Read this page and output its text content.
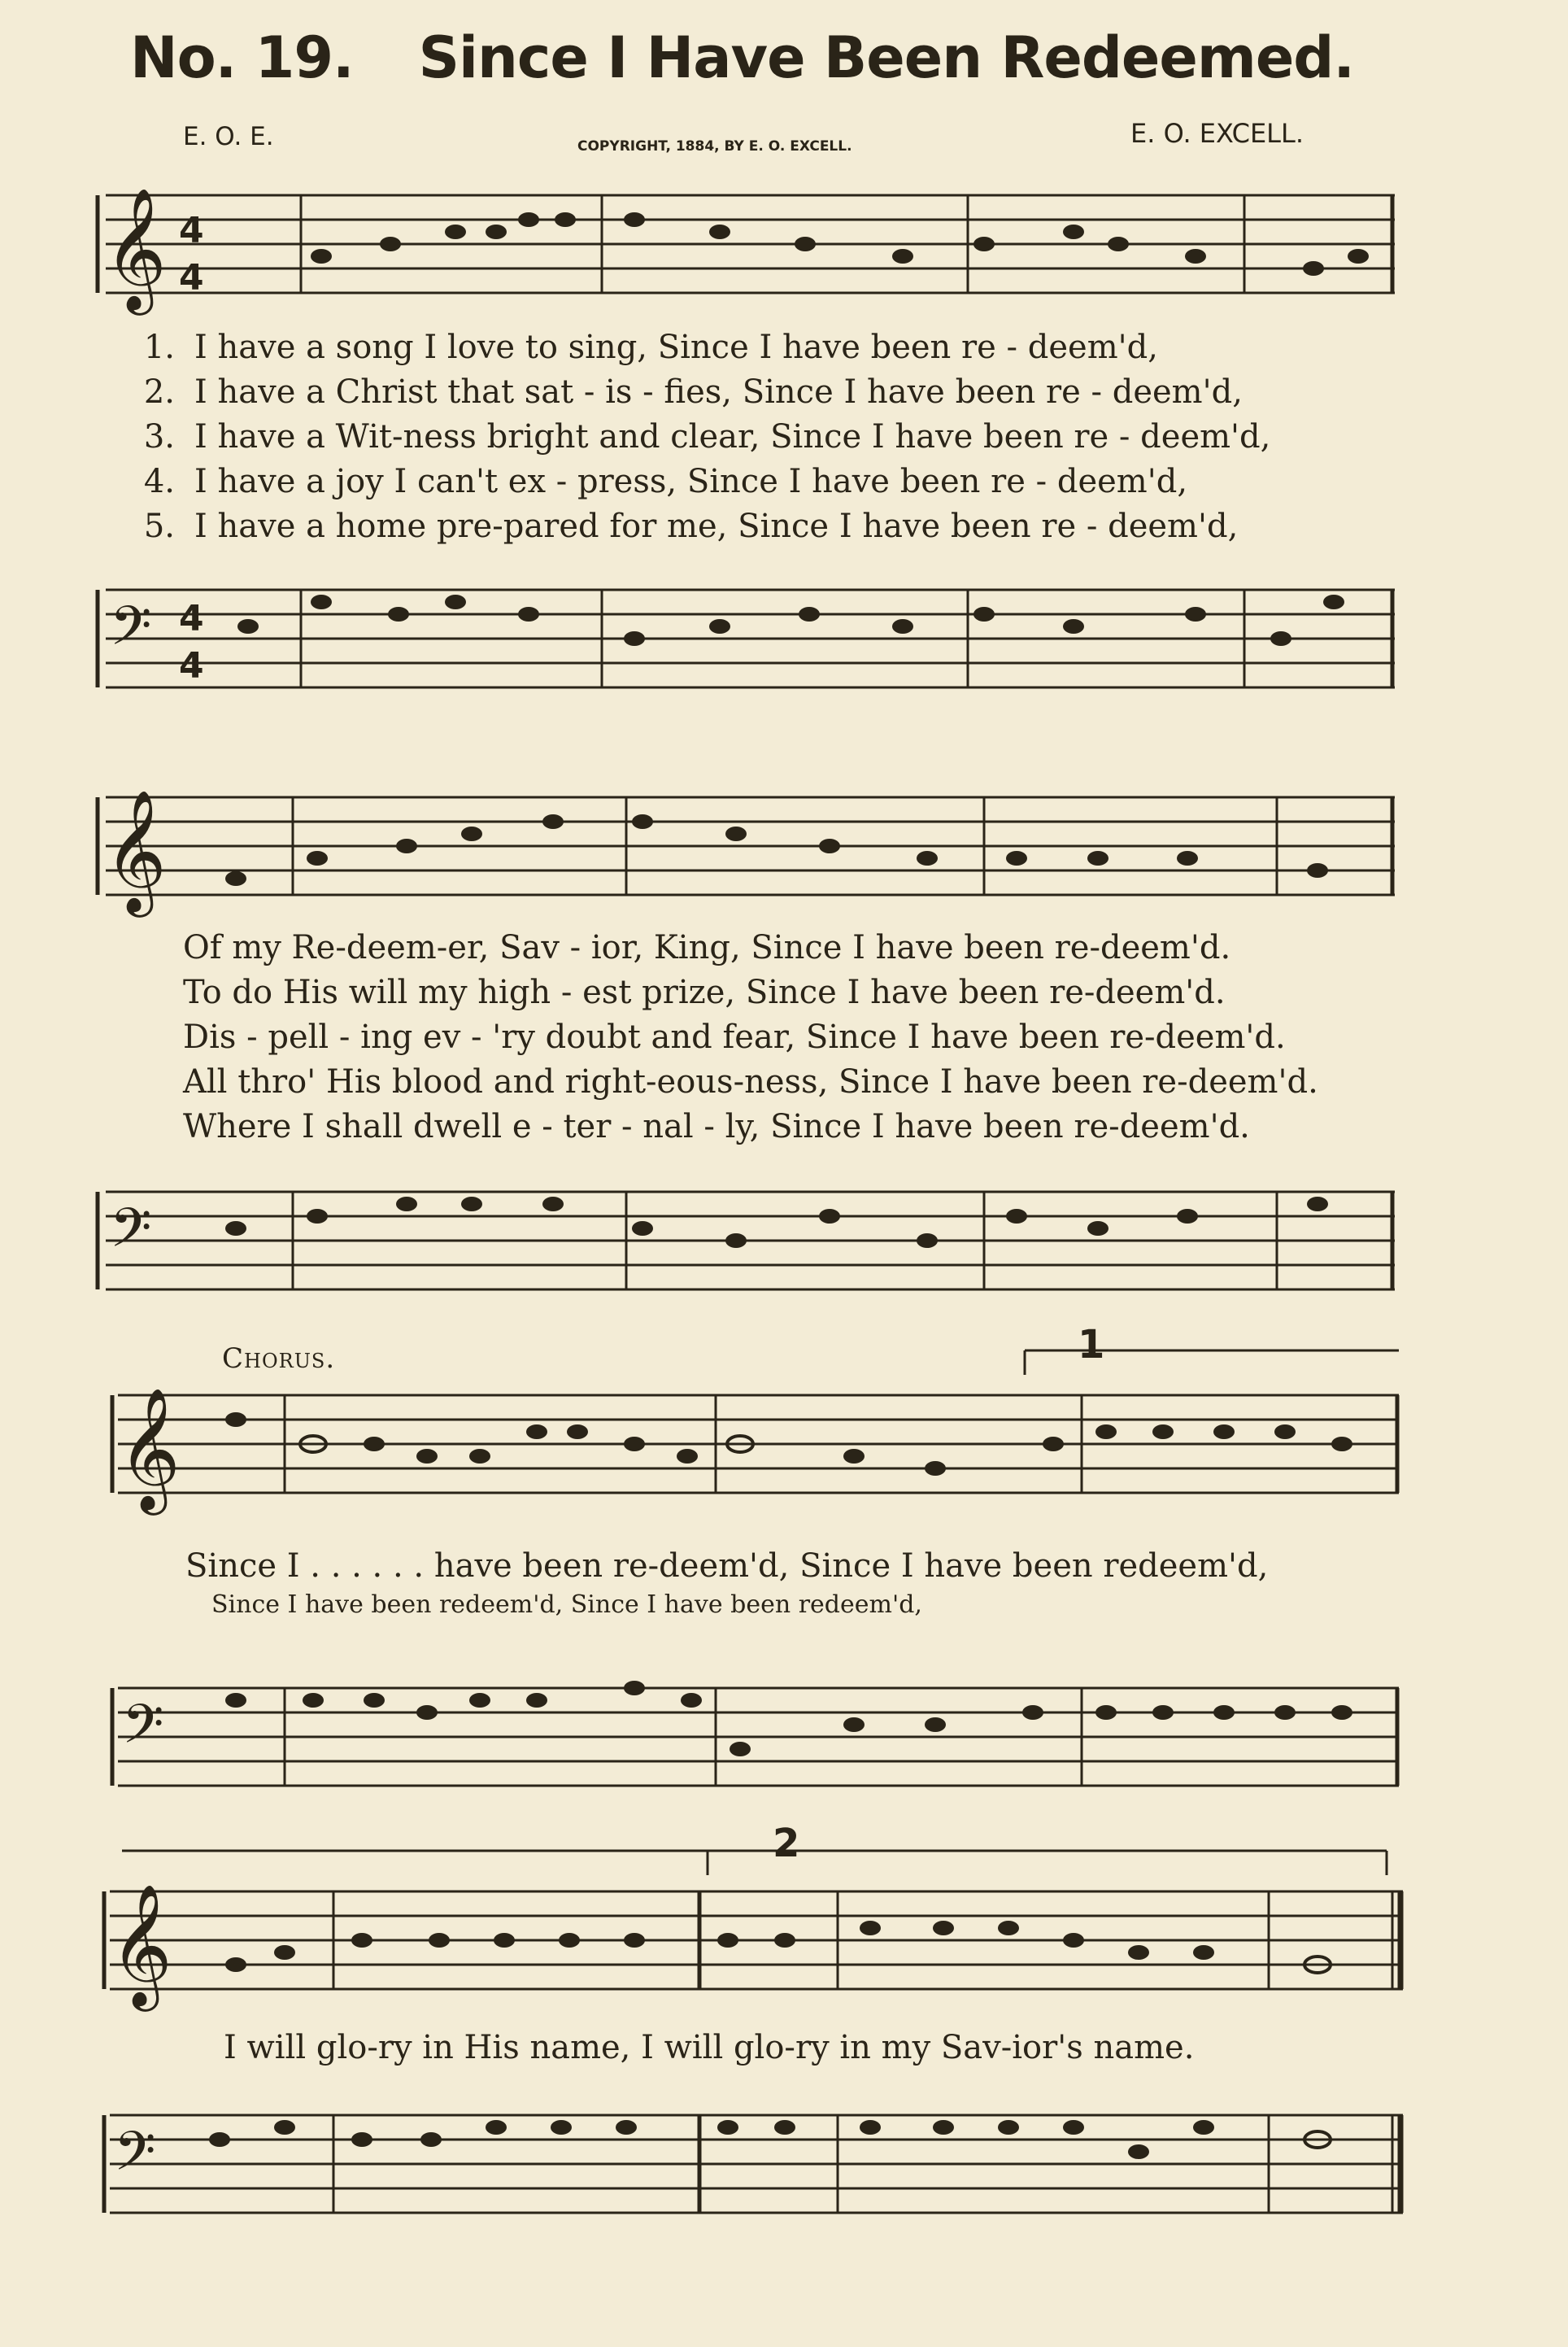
No. 19. Since I Have Been Redeemed.
E. O. E.	COPYRIGHT, 1884, BY E. O. EXCELL.	E. O. EXCELL.
𝄞 4
4
1. I have a song I love to sing, Since I have been re - deem'd,
2. I have a Christ that sat - is - fies, Since I have been re - deem'd,
3. I have a Wit-ness bright and clear, Since I have been re - deem'd,
4. I have a joy I can't ex - press, Since I have been re - deem'd,
5. I have a home pre-pared for me, Since I have been re - deem'd,
𝄢 4
4
𝄞
Of my Re-deem-er, Sav - ior, King, Since I have been re-deem'd.
To do His will my high - est prize, Since I have been re-deem'd.
Dis - pell - ing ev - 'ry doubt and fear, Since I have been re-deem'd.
All thro' His blood and right-eous-ness, Since I have been re-deem'd.
Where I shall dwell e - ter - nal - ly, Since I have been re-deem'd.
𝄢
Chorus.	1
𝄞
Since I . . . . . . have been re-deem'd, Since I have been redeem'd,
Since I have been redeem'd, Since I have been redeem'd,
𝄢
2
𝄞
I will glo-ry in His name, I will glo-ry in my Sav-ior's name.
𝄢
